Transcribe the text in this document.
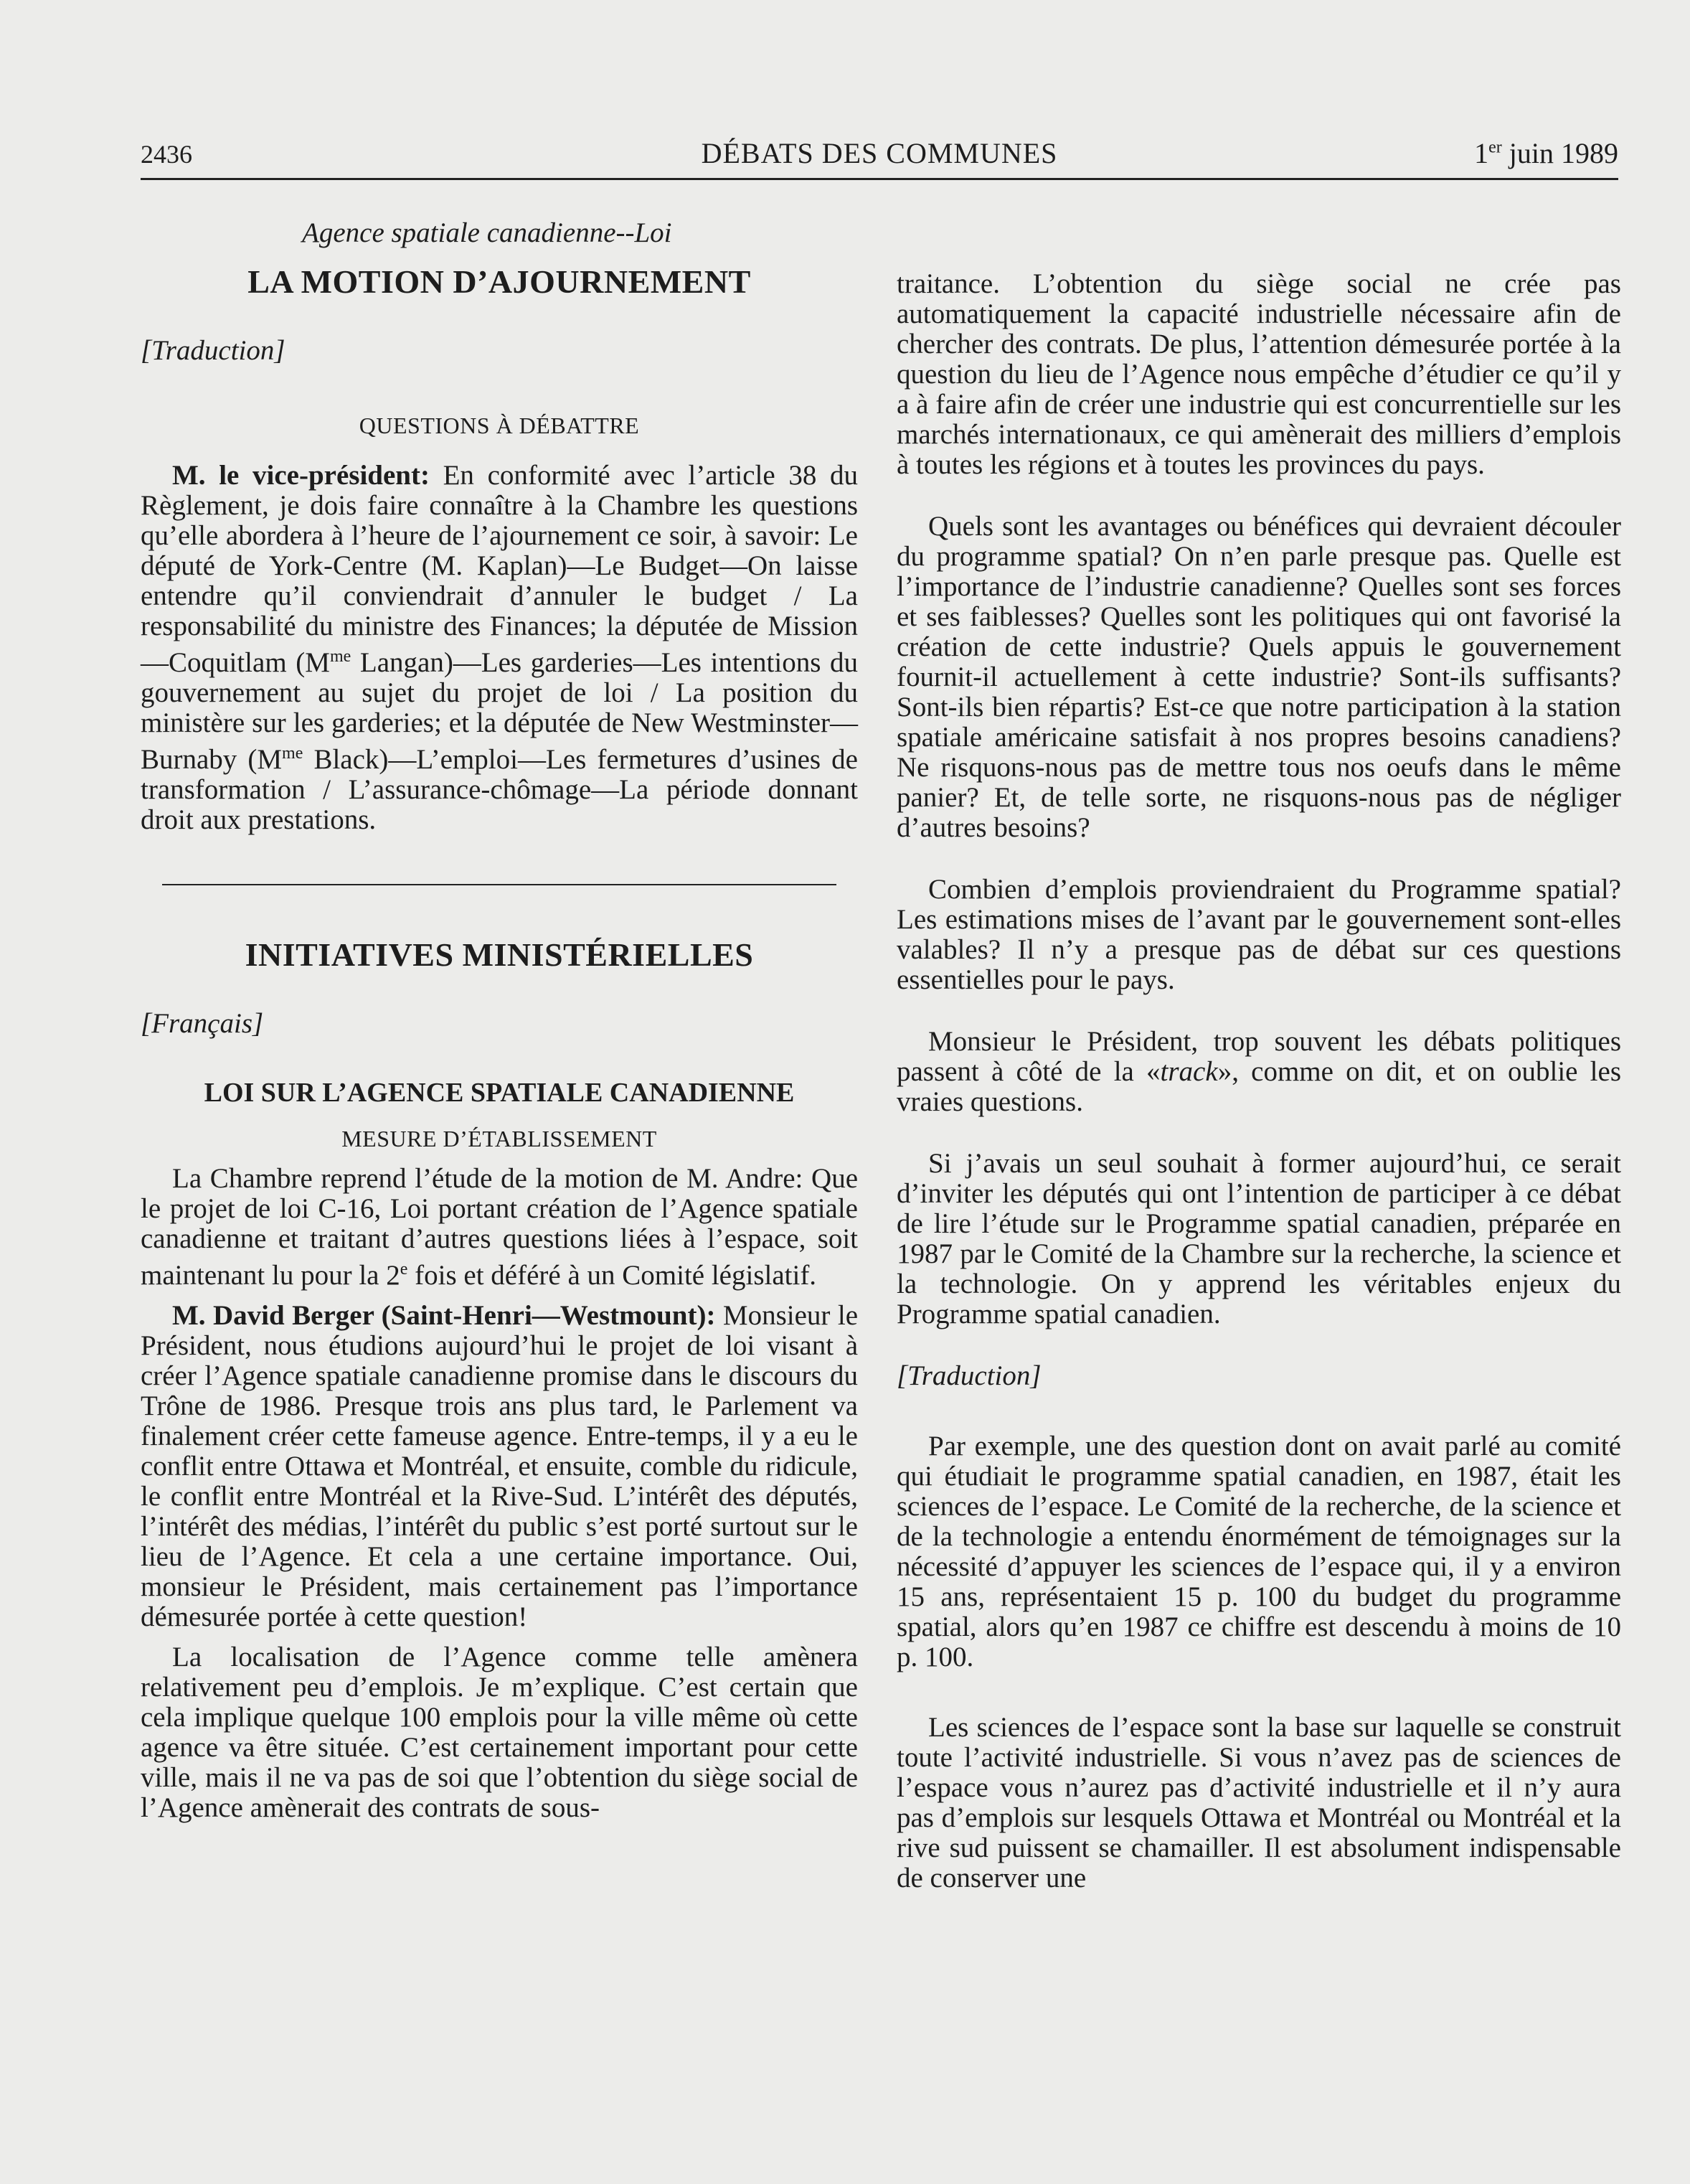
2436	DÉBATS DES COMMUNES	1er juin 1989

Agence spatiale canadienne--Loi

LA MOTION D’AJOURNEMENT

[Traduction]

QUESTIONS À DÉBATTRE

M. le vice-président: En conformité avec l’article 38 du Règlement, je dois faire connaître à la Chambre les questions qu’elle abordera à l’heure de l’ajournement ce soir, à savoir: Le député de York-Centre (M. Kaplan)—Le Budget—On laisse entendre qu’il conviendrait d’annuler le budget / La responsabilité du ministre des Finances; la députée de Mission—Coquitlam ($M^{me}$ Langan)—Les garderies—Les intentions du gouvernement au sujet du projet de loi / La position du ministère sur les garderies; et la députée de New Westminster—Burnaby ($M^{me}$ Black)—L’emploi—Les fermetures d’usines de transformation / L’assurance-chômage—La période donnant droit aux prestations.

INITIATIVES MINISTÉRIELLES

[Français]

LOI SUR L’AGENCE SPATIALE CANADIENNE

MESURE D’ÉTABLISSEMENT

La Chambre reprend l’étude de la motion de M. Andre: Que le projet de loi C-16, Loi portant création de l’Agence spatiale canadienne et traitant d’autres questions liées à l’espace, soit maintenant lu pour la 2e fois et déféré à un Comité législatif.

M. David Berger (Saint-Henri—Westmount): Monsieur le Président, nous étudions aujourd’hui le projet de loi visant à créer l’Agence spatiale canadienne promise dans le discours du Trône de 1986. Presque trois ans plus tard, le Parlement va finalement créer cette fameuse agence. Entre-temps, il y a eu le conflit entre Ottawa et Montréal, et ensuite, comble du ridicule, le conflit entre Montréal et la Rive-Sud. L’intérêt des députés, l’intérêt des médias, l’intérêt du public s’est porté surtout sur le lieu de l’Agence. Et cela a une certaine importance. Oui, monsieur le Président, mais certainement pas l’importance démesurée portée à cette question!

La localisation de l’Agence comme telle amènera relativement peu d’emplois. Je m’explique. C’est certain que cela implique quelque 100 emplois pour la ville même où cette agence va être située. C’est certainement important pour cette ville, mais il ne va pas de soi que l’obtention du siège social de l’Agence amènerait des contrats de sous-

traitance. L’obtention du siège social ne crée pas automatiquement la capacité industrielle nécessaire afin de chercher des contrats. De plus, l’attention démesurée portée à la question du lieu de l’Agence nous empêche d’étudier ce qu’il y a à faire afin de créer une industrie qui est concurrentielle sur les marchés internationaux, ce qui amènerait des milliers d’emplois à toutes les régions et à toutes les provinces du pays.

Quels sont les avantages ou bénéfices qui devraient découler du programme spatial? On n’en parle presque pas. Quelle est l’importance de l’industrie canadienne? Quelles sont ses forces et ses faiblesses? Quelles sont les politiques qui ont favorisé la création de cette industrie? Quels appuis le gouvernement fournit-il actuellement à cette industrie? Sont-ils suffisants? Sont-ils bien répartis? Est-ce que notre participation à la station spatiale américaine satisfait à nos propres besoins canadiens? Ne risquons-nous pas de mettre tous nos oeufs dans le même panier? Et, de telle sorte, ne risquons-nous pas de négliger d’autres besoins?

Combien d’emplois proviendraient du Programme spatial? Les estimations mises de l’avant par le gouvernement sont-elles valables? Il n’y a presque pas de débat sur ces questions essentielles pour le pays.

Monsieur le Président, trop souvent les débats politiques passent à côté de la «track», comme on dit, et on oublie les vraies questions.

Si j’avais un seul souhait à former aujourd’hui, ce serait d’inviter les députés qui ont l’intention de participer à ce débat de lire l’étude sur le Programme spatial canadien, préparée en 1987 par le Comité de la Chambre sur la recherche, la science et la technologie. On y apprend les véritables enjeux du Programme spatial canadien.

[Traduction]

Par exemple, une des question dont on avait parlé au comité qui étudiait le programme spatial canadien, en 1987, était les sciences de l’espace. Le Comité de la recherche, de la science et de la technologie a entendu énormément de témoignages sur la nécessité d’appuyer les sciences de l’espace qui, il y a environ 15 ans, représentaient 15 p. 100 du budget du programme spatial, alors qu’en 1987 ce chiffre est descendu à moins de 10 p. 100.

Les sciences de l’espace sont la base sur laquelle se construit toute l’activité industrielle. Si vous n’avez pas de sciences de l’espace vous n’aurez pas d’activité industrielle et il n’y aura pas d’emplois sur lesquels Ottawa et Montréal ou Montréal et la rive sud puissent se chamailler. Il est absolument indispensable de conserver une
